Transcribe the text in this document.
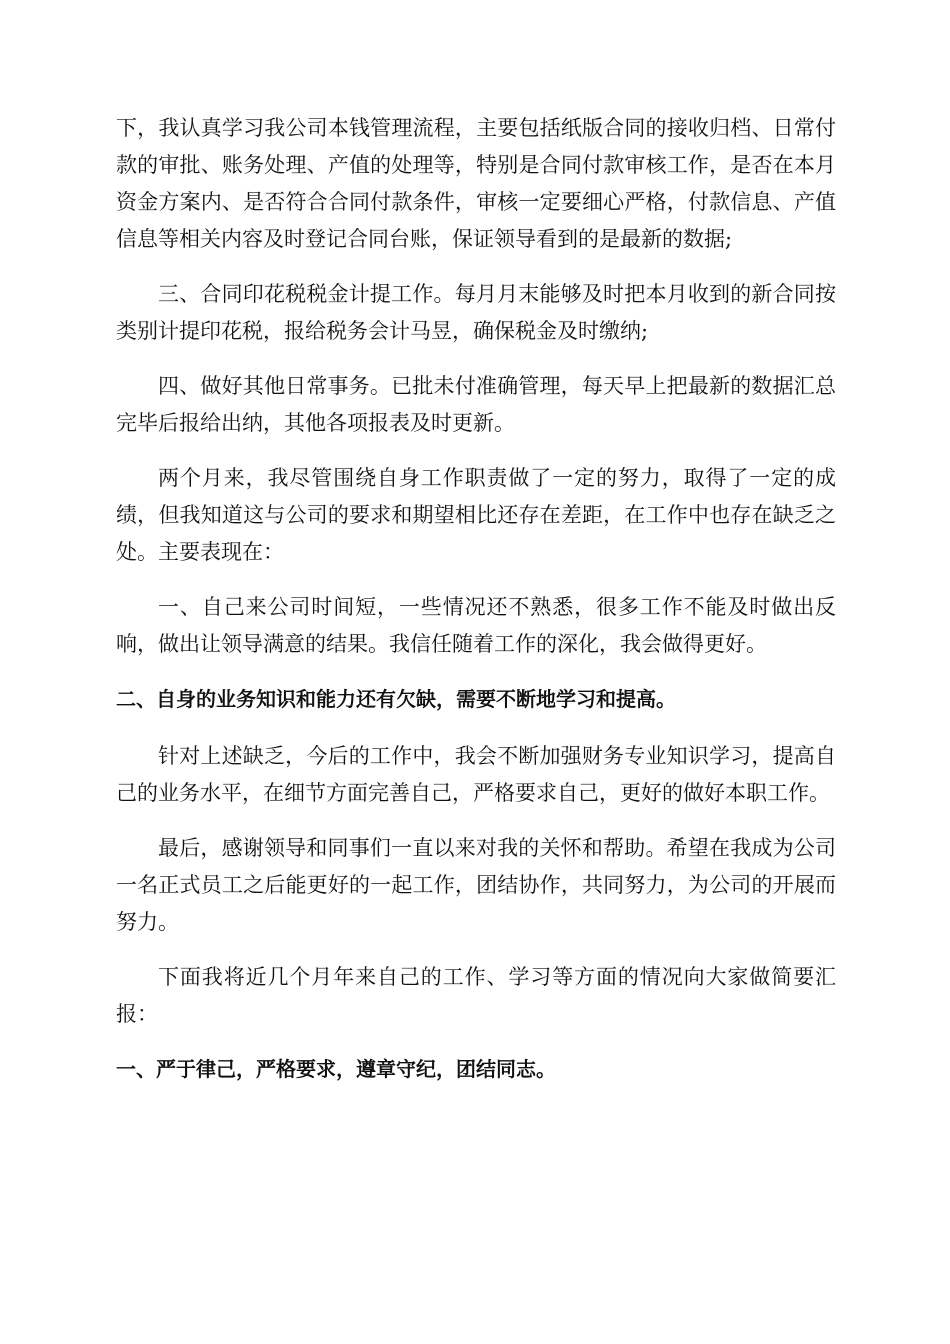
下，我认真学习我公司本钱管理流程，主要包括纸版合同的接收归档、日常付款的审批、账务处理、产值的处理等，特别是合同付款审核工作，是否在本月资金方案内、是否符合合同付款条件，审核一定要细心严格，付款信息、产值信息等相关内容及时登记合同台账，保证领导看到的是最新的数据;

三、合同印花税税金计提工作。每月月末能够及时把本月收到的新合同按类别计提印花税，报给税务会计马昱，确保税金及时缴纳;

四、做好其他日常事务。已批未付准确管理，每天早上把最新的数据汇总完毕后报给出纳，其他各项报表及时更新。

两个月来，我尽管围绕自身工作职责做了一定的努力，取得了一定的成绩，但我知道这与公司的要求和期望相比还存在差距，在工作中也存在缺乏之处。主要表现在：

一、自己来公司时间短，一些情况还不熟悉，很多工作不能及时做出反响，做出让领导满意的结果。我信任随着工作的深化，我会做得更好。

二、自身的业务知识和能力还有欠缺，需要不断地学习和提高。

针对上述缺乏，今后的工作中，我会不断加强财务专业知识学习，提高自己的业务水平，在细节方面完善自己，严格要求自己，更好的做好本职工作。

最后，感谢领导和同事们一直以来对我的关怀和帮助。希望在我成为公司一名正式员工之后能更好的一起工作，团结协作，共同努力，为公司的开展而努力。

下面我将近几个月年来自己的工作、学习等方面的情况向大家做简要汇报：

一、严于律己，严格要求，遵章守纪，团结同志。
